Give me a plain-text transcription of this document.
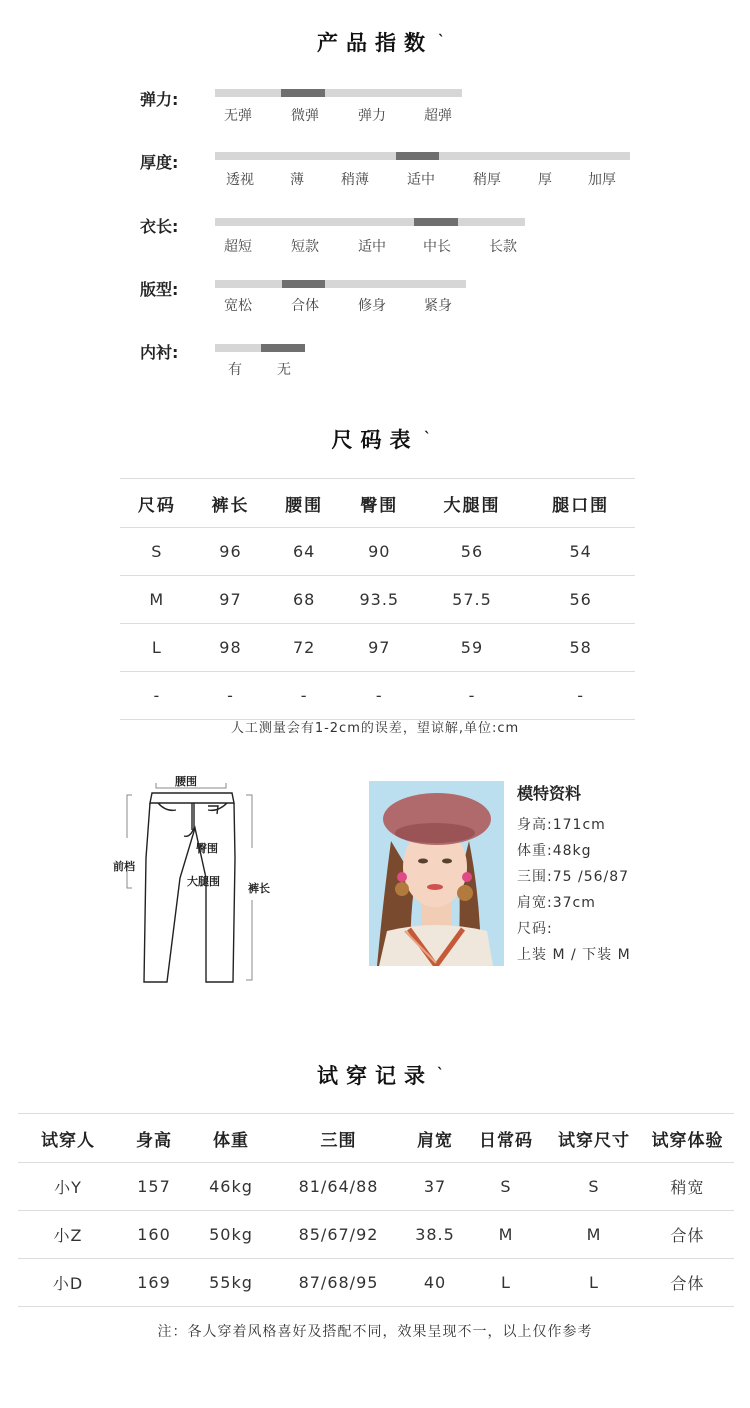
产品指数
ˎ
弹力:
无弹	微弹	弹力	超弹
厚度:
透视	薄	稍薄	适中	稍厚	厚	加厚
衣长:
超短	短款	适中	中长	长款
版型:
宽松	合体	修身	紧身
内衬:
有	无
尺码表
ˎ
尺码	裤长	腰围	臀围	大腿围	腿口围
S	96	64	90	56	54
M	97	68	93.5	57.5	56
L	98	72	97	59	58
-	-	-	-	-	-
人工测量会有1-2cm的误差，望谅解,单位:cm
腰围
臀围
大腿围
前档
裤长
模特资料
身高:171cm
体重:48kg
三围:75 /56/87
肩宽:37cm
尺码:
上装 M / 下装 M
试穿记录
ˎ
试穿人	身高	体重	三围	肩宽	日常码	试穿尺寸	试穿体验
小Y	157	46kg	81/64/88	37	S	S	稍宽
小Z	160	50kg	85/67/92	38.5	M	M	合体
小D	169	55kg	87/68/95	40	L	L	合体
注：各人穿着风格喜好及搭配不同，效果呈现不一，以上仅作参考
